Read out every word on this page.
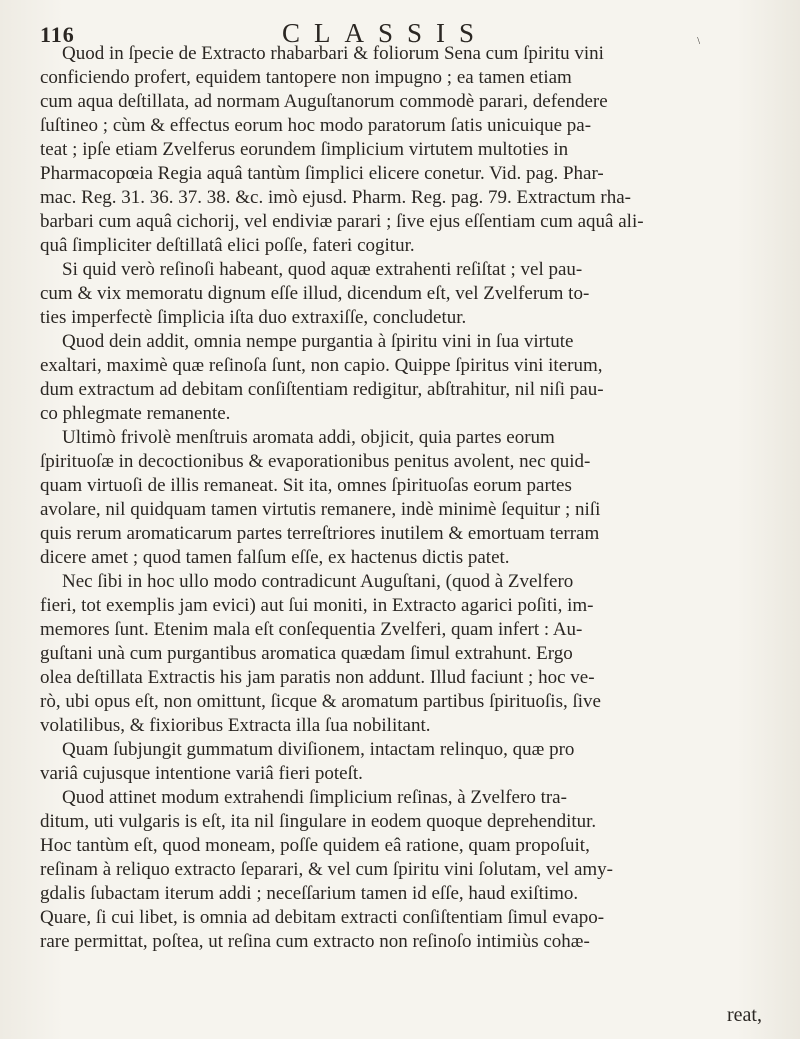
116	CLASSIS	\
Quod in ſpecie de Extracto rhabarbari & foliorum Sena cum ſpiritu vini
conficiendo profert, equidem tantopere non impugno ; ea tamen etiam
cum aqua deſtillata, ad normam Auguſtanorum commodè parari, defendere
ſuſtineo ; cùm & effectus eorum hoc modo paratorum ſatis unicuique pa-
teat ; ipſe etiam Zvelferus eorundem ſimplicium virtutem multoties in
Pharmacopœia Regia aquâ tantùm ſimplici elicere conetur. Vid. pag. Phar-
mac. Reg. 31. 36. 37. 38. &c. imò ejusd. Pharm. Reg. pag. 79. Extractum rha-
barbari cum aquâ cichorij, vel endiviæ parari ; ſive ejus eſſentiam cum aquâ ali-
quâ ſimpliciter deſtillatâ elici poſſe, fateri cogitur.
Si quid verò reſinoſi habeant, quod aquæ extrahenti reſiſtat ; vel pau-
cum & vix memoratu dignum eſſe illud, dicendum eſt, vel Zvelferum to-
ties imperfectè ſimplicia iſta duo extraxiſſe, concludetur.
Quod dein addit, omnia nempe purgantia à ſpiritu vini in ſua virtute
exaltari, maximè quæ reſinoſa ſunt, non capio. Quippe ſpiritus vini iterum,
dum extractum ad debitam conſiſtentiam redigitur, abſtrahitur, nil niſi pau-
co phlegmate remanente.
Ultimò frivolè menſtruis aromata addi, objicit, quia partes eorum
ſpirituoſæ in decoctionibus & evaporationibus penitus avolent, nec quid-
quam virtuoſi de illis remaneat. Sit ita, omnes ſpirituoſas eorum partes
avolare, nil quidquam tamen virtutis remanere, indè minimè ſequitur ; niſi
quis rerum aromaticarum partes terreſtriores inutilem & emortuam terram
dicere amet ; quod tamen falſum eſſe, ex hactenus dictis patet.
Nec ſibi in hoc ullo modo contradicunt Auguſtani, (quod à Zvelfero
fieri, tot exemplis jam evici) aut ſui moniti, in Extracto agarici poſiti, im-
memores ſunt. Etenim mala eſt conſequentia Zvelferi, quam infert : Au-
guſtani unà cum purgantibus aromatica quædam ſimul extrahunt. Ergo
olea deſtillata Extractis his jam paratis non addunt. Illud faciunt ; hoc ve-
rò, ubi opus eſt, non omittunt, ſicque & aromatum partibus ſpirituoſis, ſive
volatilibus, & fixioribus Extracta illa ſua nobilitant.
Quam ſubjungit gummatum diviſionem, intactam relinquo, quæ pro
variâ cujusque intentione variâ fieri poteſt.
Quod attinet modum extrahendi ſimplicium reſinas, à Zvelfero tra-
ditum, uti vulgaris is eſt, ita nil ſingulare in eodem quoque deprehenditur.
Hoc tantùm eſt, quod moneam, poſſe quidem eâ ratione, quam propoſuit,
reſinam à reliquo extracto ſeparari, & vel cum ſpiritu vini ſolutam, vel amy-
gdalis ſubactam iterum addi ; neceſſarium tamen id eſſe, haud exiſtimo.
Quare, ſi cui libet, is omnia ad debitam extracti conſiſtentiam ſimul evapo-
rare permittat, poſtea, ut reſina cum extracto non reſinoſo intimiùs cohæ-
reat,
